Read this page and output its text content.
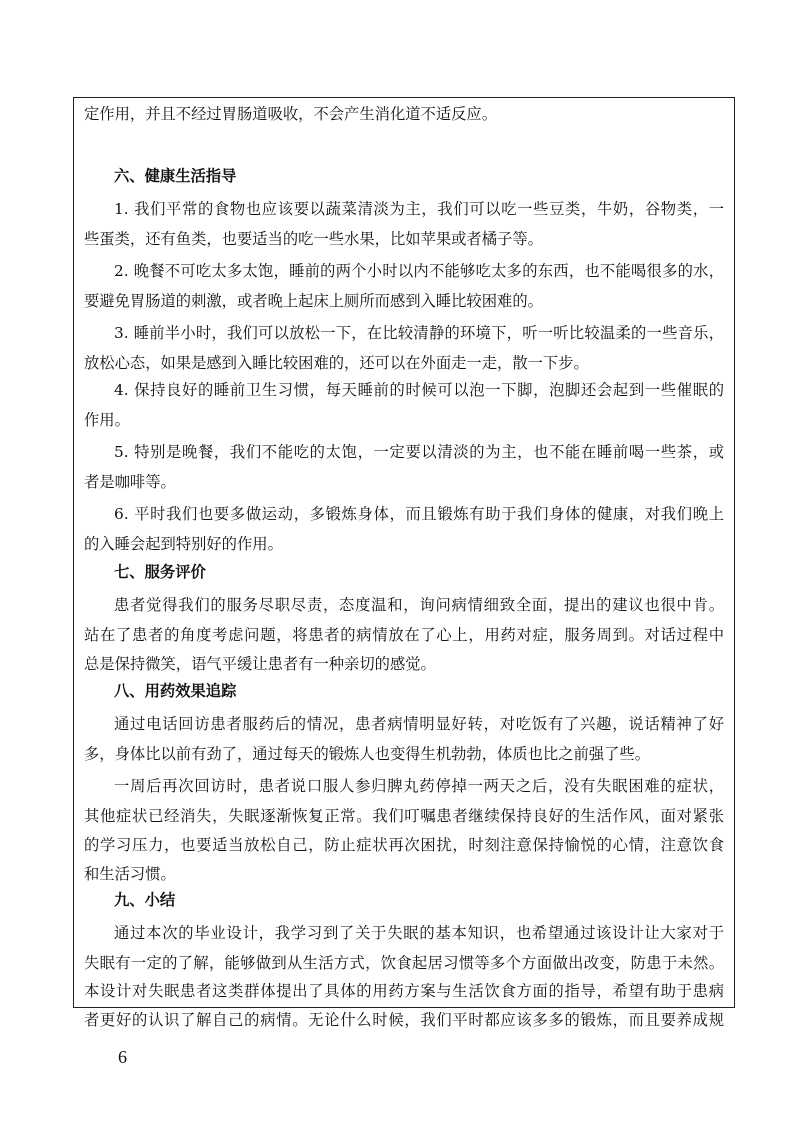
定作用，并且不经过胃肠道吸收，不会产生消化道不适反应。
六、健康生活指导
1. 我们平常的食物也应该要以蔬菜清淡为主，我们可以吃一些豆类，牛奶，谷物类，一
些蛋类，还有鱼类，也要适当的吃一些水果，比如苹果或者橘子等。
2. 晚餐不可吃太多太饱，睡前的两个小时以内不能够吃太多的东西，也不能喝很多的水，
要避免胃肠道的刺激，或者晚上起床上厕所而感到入睡比较困难的。
3. 睡前半小时，我们可以放松一下，在比较清静的环境下，听一听比较温柔的一些音乐，
放松心态，如果是感到入睡比较困难的，还可以在外面走一走，散一下步。
4. 保持良好的睡前卫生习惯，每天睡前的时候可以泡一下脚，泡脚还会起到一些催眠的
作用。
5. 特别是晚餐，我们不能吃的太饱，一定要以清淡的为主，也不能在睡前喝一些茶，或
者是咖啡等。
6. 平时我们也要多做运动，多锻炼身体，而且锻炼有助于我们身体的健康，对我们晚上
的入睡会起到特别好的作用。
七、服务评价
患者觉得我们的服务尽职尽责，态度温和，询问病情细致全面，提出的建议也很中肯。
站在了患者的角度考虑问题，将患者的病情放在了心上，用药对症，服务周到。对话过程中
总是保持微笑，语气平缓让患者有一种亲切的感觉。
八、用药效果追踪
通过电话回访患者服药后的情况，患者病情明显好转，对吃饭有了兴趣，说话精神了好
多，身体比以前有劲了，通过每天的锻炼人也变得生机勃勃，体质也比之前强了些。
一周后再次回访时，患者说口服人参归脾丸药停掉一两天之后，没有失眠困难的症状，
其他症状已经消失，失眠逐渐恢复正常。我们叮嘱患者继续保持良好的生活作风，面对紧张
的学习压力，也要适当放松自己，防止症状再次困扰，时刻注意保持愉悦的心情，注意饮食
和生活习惯。
九、小结
通过本次的毕业设计，我学习到了关于失眠的基本知识，也希望通过该设计让大家对于
失眠有一定的了解，能够做到从生活方式，饮食起居习惯等多个方面做出改变，防患于未然。
本设计对失眠患者这类群体提出了具体的用药方案与生活饮食方面的指导，希望有助于患病
者更好的认识了解自己的病情。无论什么时候，我们平时都应该多多的锻炼，而且要养成规
6
